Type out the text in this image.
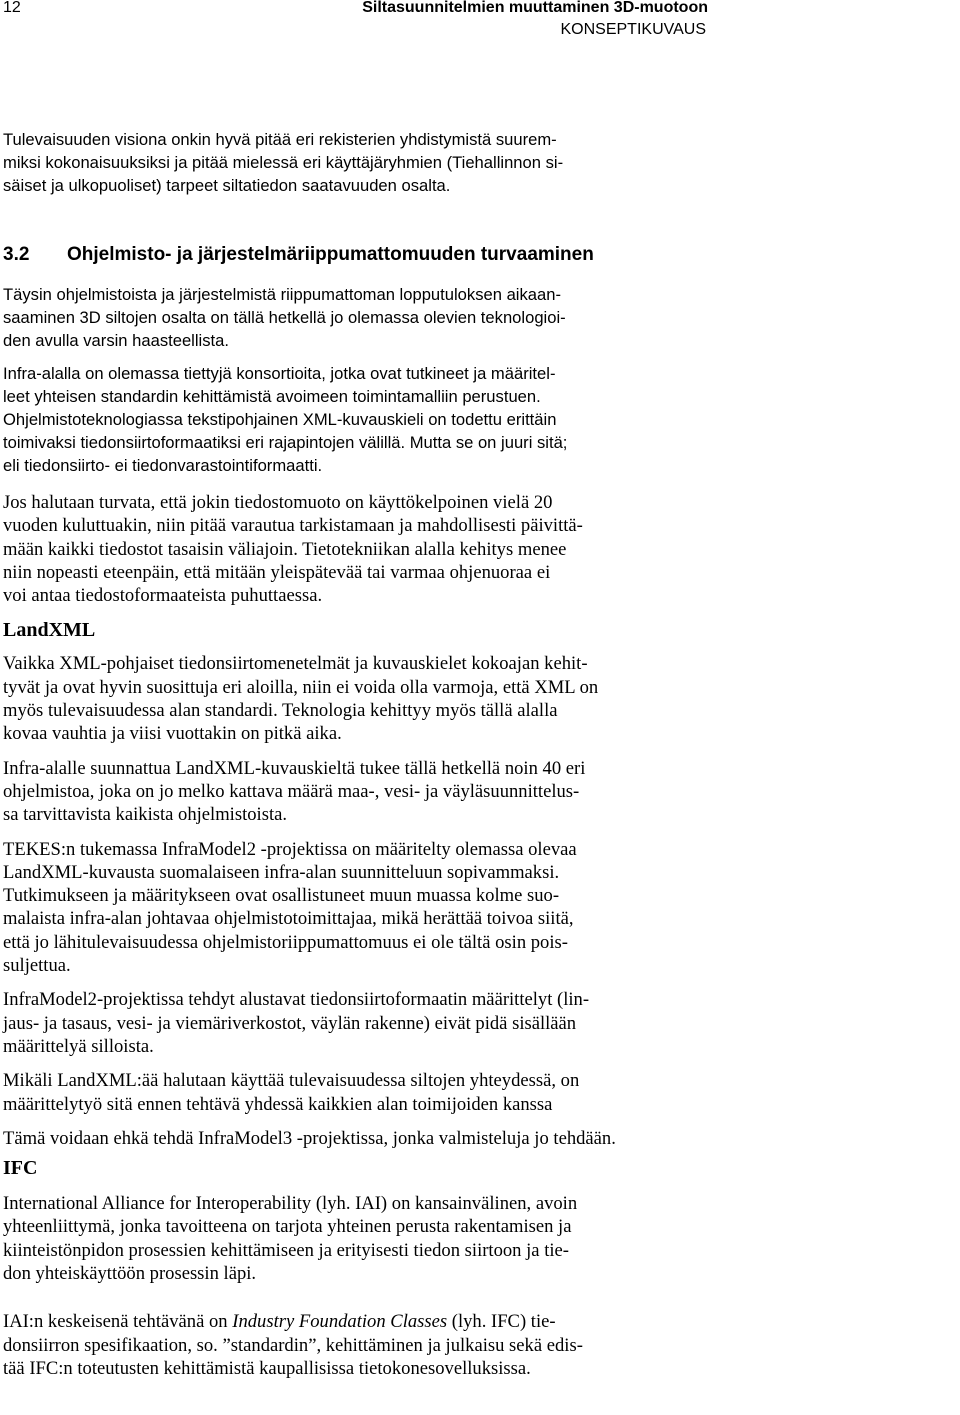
12	Siltasuunnitelmien muuttaminen 3D-muotoon
KONSEPTIKUVAUS
Tulevaisuuden visiona onkin hyvä pitää eri rekisterien yhdistymistä suurem-
miksi kokonaisuuksiksi ja pitää mielessä eri käyttäjäryhmien (Tiehallinnon si-
säiset ja ulkopuoliset) tarpeet siltatiedon saatavuuden osalta.
3.2 Ohjelmisto- ja järjestelmäriippumattomuuden turvaaminen
Täysin ohjelmistoista ja järjestelmistä riippumattoman lopputuloksen aikaan-
saaminen 3D siltojen osalta on tällä hetkellä jo olemassa olevien teknologioi-
den avulla varsin haasteellista.
Infra-alalla on olemassa tiettyjä konsortioita, jotka ovat tutkineet ja määritel-
leet yhteisen standardin kehittämistä avoimeen toimintamalliin perustuen.
Ohjelmistoteknologiassa tekstipohjainen XML-kuvauskieli on todettu erittäin
toimivaksi tiedonsiirtoformaatiksi eri rajapintojen välillä. Mutta se on juuri sitä;
eli tiedonsiirto- ei tiedonvarastointiformaatti.
Jos halutaan turvata, että jokin tiedostomuoto on käyttökelpoinen vielä 20
vuoden kuluttuakin, niin pitää varautua tarkistamaan ja mahdollisesti päivittä-
mään kaikki tiedostot tasaisin väliajoin. Tietotekniikan alalla kehitys menee
niin nopeasti eteenpäin, että mitään yleispätevää tai varmaa ohjenuoraa ei
voi antaa tiedostoformaateista puhuttaessa.
LandXML
Vaikka XML-pohjaiset tiedonsiirtomenetelmät ja kuvauskielet kokoajan kehit-
tyvät ja ovat hyvin suosittuja eri aloilla, niin ei voida olla varmoja, että XML on
myös tulevaisuudessa alan standardi. Teknologia kehittyy myös tällä alalla
kovaa vauhtia ja viisi vuottakin on pitkä aika.
Infra-alalle suunnattua LandXML-kuvauskieltä tukee tällä hetkellä noin 40 eri
ohjelmistoa, joka on jo melko kattava määrä maa-, vesi- ja väyläsuunnittelus-
sa tarvittavista kaikista ohjelmistoista.
TEKES:n tukemassa InfraModel2 -projektissa on määritelty olemassa olevaa
LandXML-kuvausta suomalaiseen infra-alan suunnitteluun sopivammaksi.
Tutkimukseen ja määritykseen ovat osallistuneet muun muassa kolme suo-
malaista infra-alan johtavaa ohjelmistotoimittajaa, mikä herättää toivoa siitä,
että jo lähitulevaisuudessa ohjelmistoriippumattomuus ei ole tältä osin pois-
suljettua.
InfraModel2-projektissa tehdyt alustavat tiedonsiirtoformaatin määrittelyt (lin-
jaus- ja tasaus, vesi- ja viemäriverkostot, väylän rakenne) eivät pidä sisällään
määrittelyä silloista.
Mikäli LandXML:ää halutaan käyttää tulevaisuudessa siltojen yhteydessä, on
määrittelytyö sitä ennen tehtävä yhdessä kaikkien alan toimijoiden kanssa
Tämä voidaan ehkä tehdä InfraModel3 -projektissa, jonka valmisteluja jo tehdään.
IFC
International Alliance for Interoperability (lyh. IAI) on kansainvälinen, avoin
yhteenliittymä, jonka tavoitteena on tarjota yhteinen perusta rakentamisen ja
kiinteistönpidon prosessien kehittämiseen ja erityisesti tiedon siirtoon ja tie-
don yhteiskäyttöön prosessin läpi.
IAI:n keskeisenä tehtävänä on Industry Foundation Classes (lyh. IFC) tie-
donsiirron spesifikaation, so. ”standardin”, kehittäminen ja julkaisu sekä edis-
tää IFC:n toteutusten kehittämistä kaupallisissa tietokonesovelluksissa.
